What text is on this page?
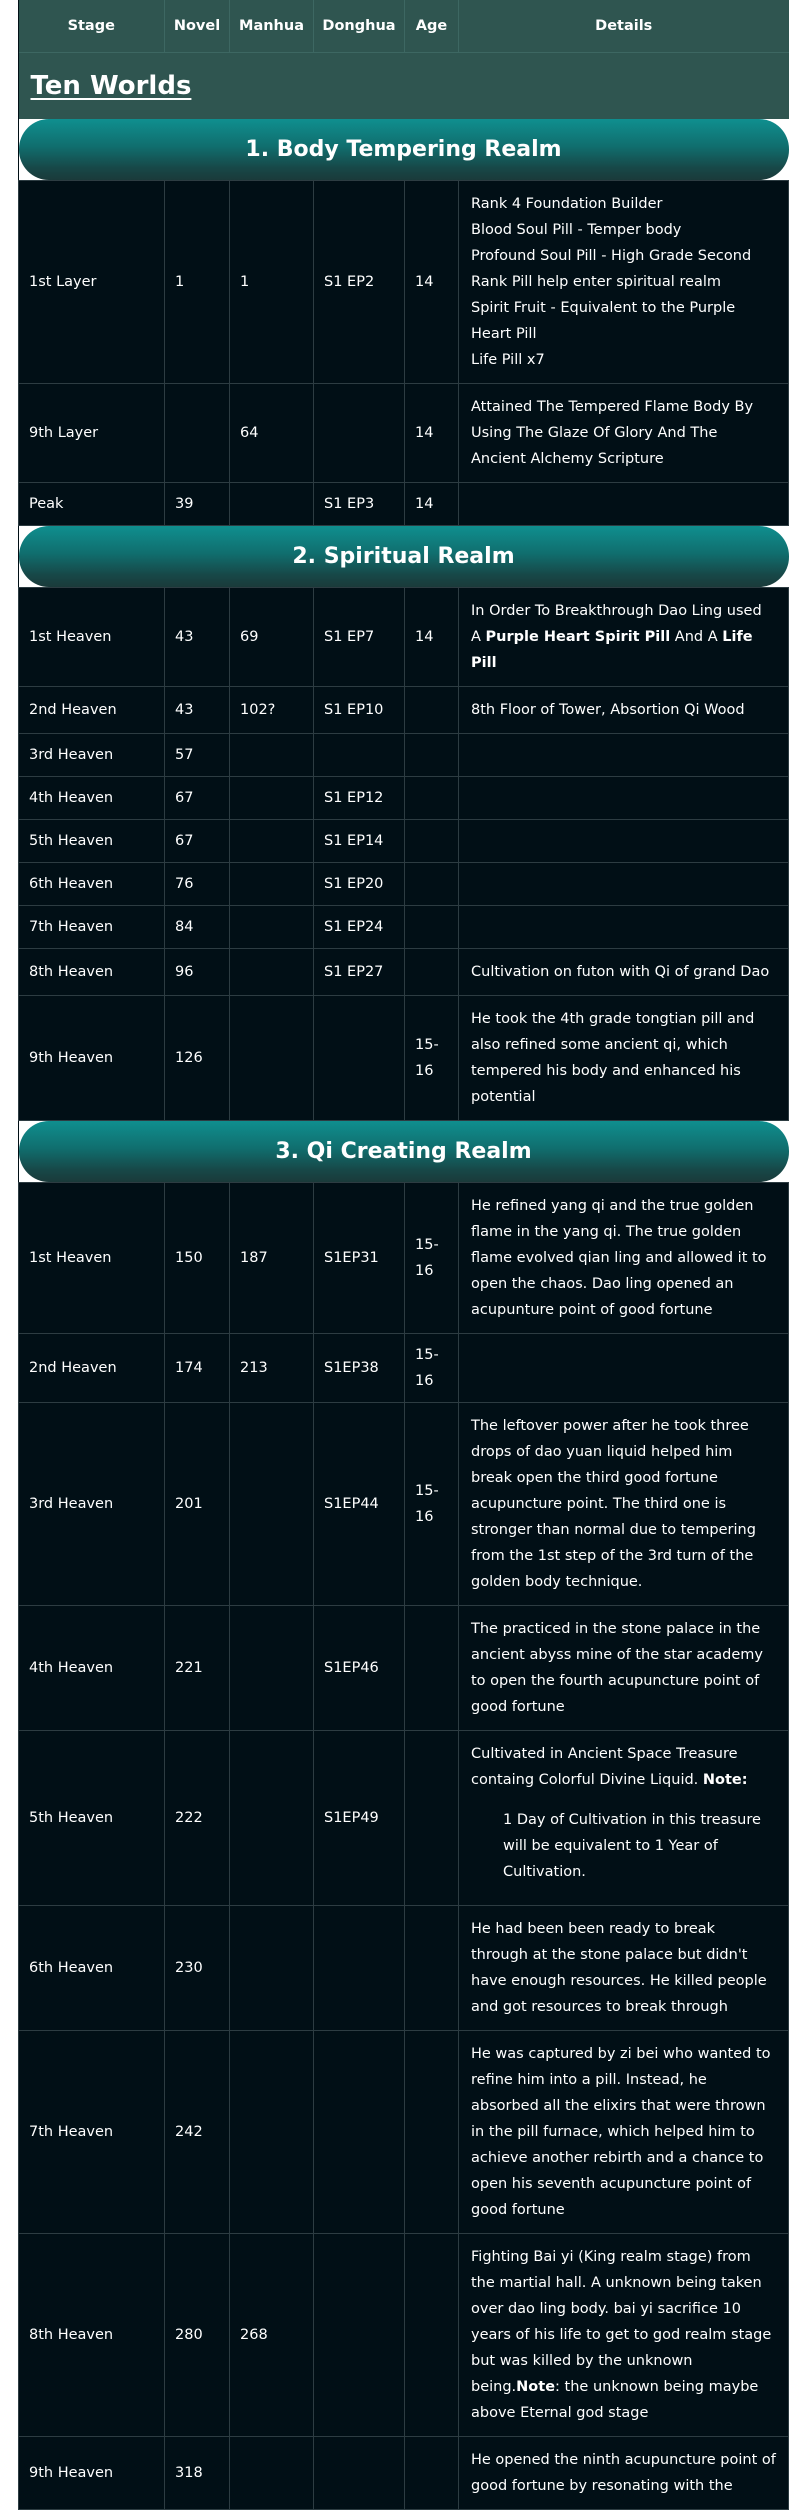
Stage	Novel	Manhua	Donghua	Age	Details
Ten Worlds					

1. Body Tempering Realm					

1st Layer	1	1	S1 EP2	14	Rank 4 Foundation Builder
Blood Soul Pill - Temper body
Profound Soul Pill - High Grade Second Rank Pill help enter spiritual realm
Spirit Fruit - Equivalent to the Purple Heart Pill
Life Pill x7

9th Layer		64		14	Attained The Tempered Flame Body By Using The Glaze Of Glory And The Ancient Alchemy Scripture

Peak	39		S1 EP3	14	

2. Spiritual Realm					

1st Heaven	43	69	S1 EP7	14	In Order To Breakthrough Dao Ling used A Purple Heart Spirit Pill And A Life Pill
2nd Heaven	43	102?	S1 EP10		8th Floor of Tower, Absortion Qi Wood

3rd Heaven	57				
4th Heaven	67		S1 EP12		
5th Heaven	67		S1 EP14		
6th Heaven	76		S1 EP20		
7th Heaven	84		S1 EP24		
8th Heaven	96		S1 EP27		Cultivation on futon with Qi of grand Dao

9th Heaven	126			15-16	He took the 4th grade tongtian pill and also refined some ancient qi, which tempered his body and enhanced his potential

3. Qi Creating Realm					

1st Heaven	150	187	S1EP31	15-16	He refined yang qi and the true golden flame in the yang qi. The true golden flame evolved qian ling and allowed it to open the chaos. Dao ling opened an acupunture point of good fortune

2nd Heaven	174	213	S1EP38	15-16	
3rd Heaven	201		S1EP44	15-16	The leftover power after he took three drops of dao yuan liquid helped him break open the third good fortune acupuncture point. The third one is stronger than normal due to tempering from the 1st step of the 3rd turn of the golden body technique.

4th Heaven	221		S1EP46		The practiced in the stone palace in the ancient abyss mine of the star academy to open the fourth acupuncture point of good fortune

5th Heaven	222		S1EP49		Cultivated in Ancient Space Treasure containg Colorful Divine Liquid. Note:
1 Day of Cultivation in this treasure will be equivalent to 1 Year of Cultivation.

6th Heaven	230				He had been been ready to break through at the stone palace but didn't have enough resources. He killed people and got resources to break through

7th Heaven	242				He was captured by zi bei who wanted to refine him into a pill. Instead, he absorbed all the elixirs that were thrown in the pill furnace, which helped him to achieve another rebirth and a chance to open his seventh acupuncture point of good fortune

8th Heaven	280	268			Fighting Bai yi (King realm stage) from the martial hall. A unknown being taken over dao ling body. bai yi sacrifice 10 years of his life to get to god realm stage but was killed by the unknown being.Note: the unknown being maybe above Eternal god stage
9th Heaven	318				He opened the ninth acupuncture point of good fortune by resonating with the
